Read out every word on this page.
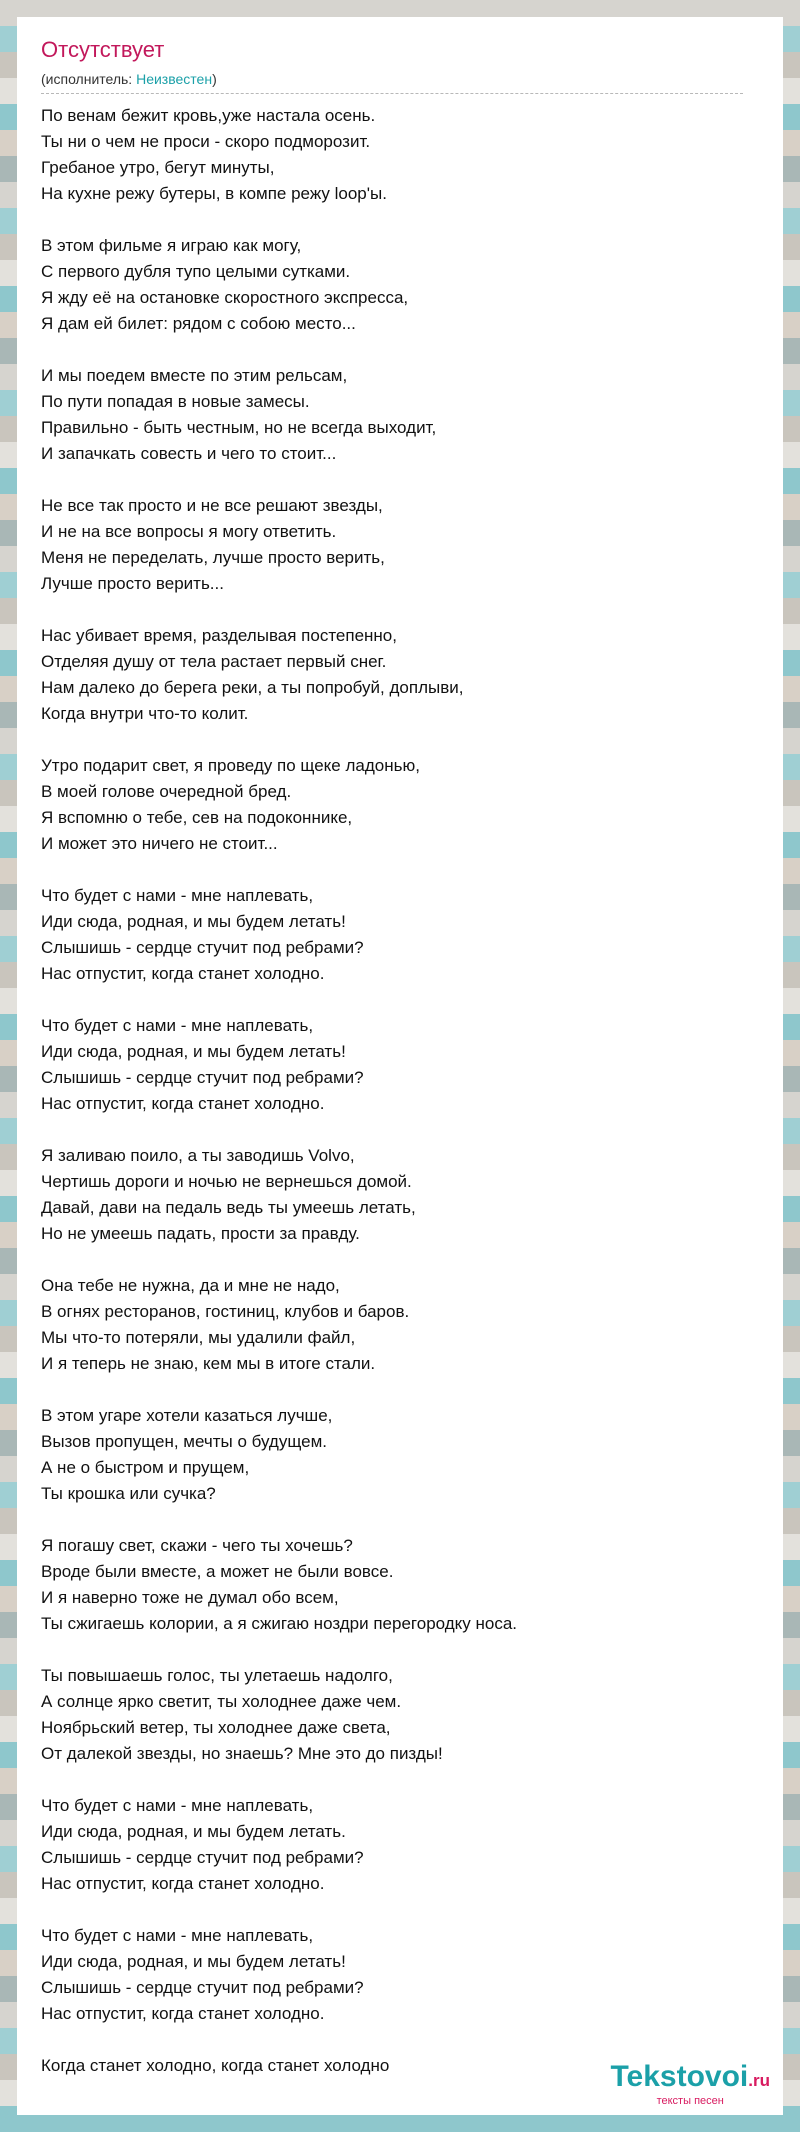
Отсутствует
(исполнитель: Неизвестен)
По венам бежит кровь,уже настала осень.
Ты ни о чем не проси - скоро подморозит.
Гребаное утро, бегут минуты,
На кухне режу бутеры, в компе режу loop'ы.
В этом фильме я играю как могу,
С первого дубля тупо целыми сутками.
Я жду её на остановке скоростного экспресса,
Я дам ей билет: рядом с собою место...
И мы поедем вместе по этим рельсам,
По пути попадая в новые замесы.
Правильно - быть честным, но не всегда выходит,
И запачкать совесть и чего то стоит...
Не все так просто и не все решают звезды,
И не на все вопросы я могу ответить.
Меня не переделать, лучше просто верить,
Лучше просто верить...
Нас убивает время, разделывая постепенно,
Отделяя душу от тела растает первый снег.
Нам далеко до берега реки, а ты попробуй, доплыви,
Когда внутри что-то колит.
Утро подарит свет, я проведу по щеке ладонью,
В моей голове очередной бред.
Я вспомню о тебе, сев на подоконнике,
И может это ничего не стоит...
Что будет с нами - мне наплевать,
Иди сюда, родная, и мы будем летать!
Слышишь - сердце стучит под ребрами?
Нас отпустит, когда станет холодно.
Что будет с нами - мне наплевать,
Иди сюда, родная, и мы будем летать!
Слышишь - сердце стучит под ребрами?
Нас отпустит, когда станет холодно.
Я заливаю поило, а ты заводишь Volvo,
Чертишь дороги и ночью не вернешься домой.
Давай, дави на педаль ведь ты умеешь летать,
Но не умеешь падать, прости за правду.
Она тебе не нужна, да и мне не надо,
В огнях ресторанов, гостиниц, клубов и баров.
Мы что-то потеряли, мы удалили файл,
И я теперь не знаю, кем мы в итоге стали.
В этом угаре хотели казаться лучше,
Вызов пропущен, мечты о будущем.
А не о быстром и прущем,
Ты крошка или сучка?
Я погашу свет, скажи - чего ты хочешь?
Вроде были вместе, а может не были вовсе.
И я наверно тоже не думал обо всем,
Ты сжигаешь колории, а я сжигаю ноздри перегородку носа.
Ты повышаешь голос, ты улетаешь надолго,
А солнце ярко светит, ты холоднее даже чем.
Ноябрьский ветер, ты холоднее даже света,
От далекой звезды, но знаешь? Мне это до пизды!
Что будет с нами - мне наплевать,
Иди сюда, родная, и мы будем летать.
Слышишь - сердце стучит под ребрами?
Нас отпустит, когда станет холодно.
Что будет с нами - мне наплевать,
Иди сюда, родная, и мы будем летать!
Слышишь - сердце стучит под ребрами?
Нас отпустит, когда станет холодно.
Когда станет холодно, когда станет холодно	Tekstovoi.ru
тексты песен
